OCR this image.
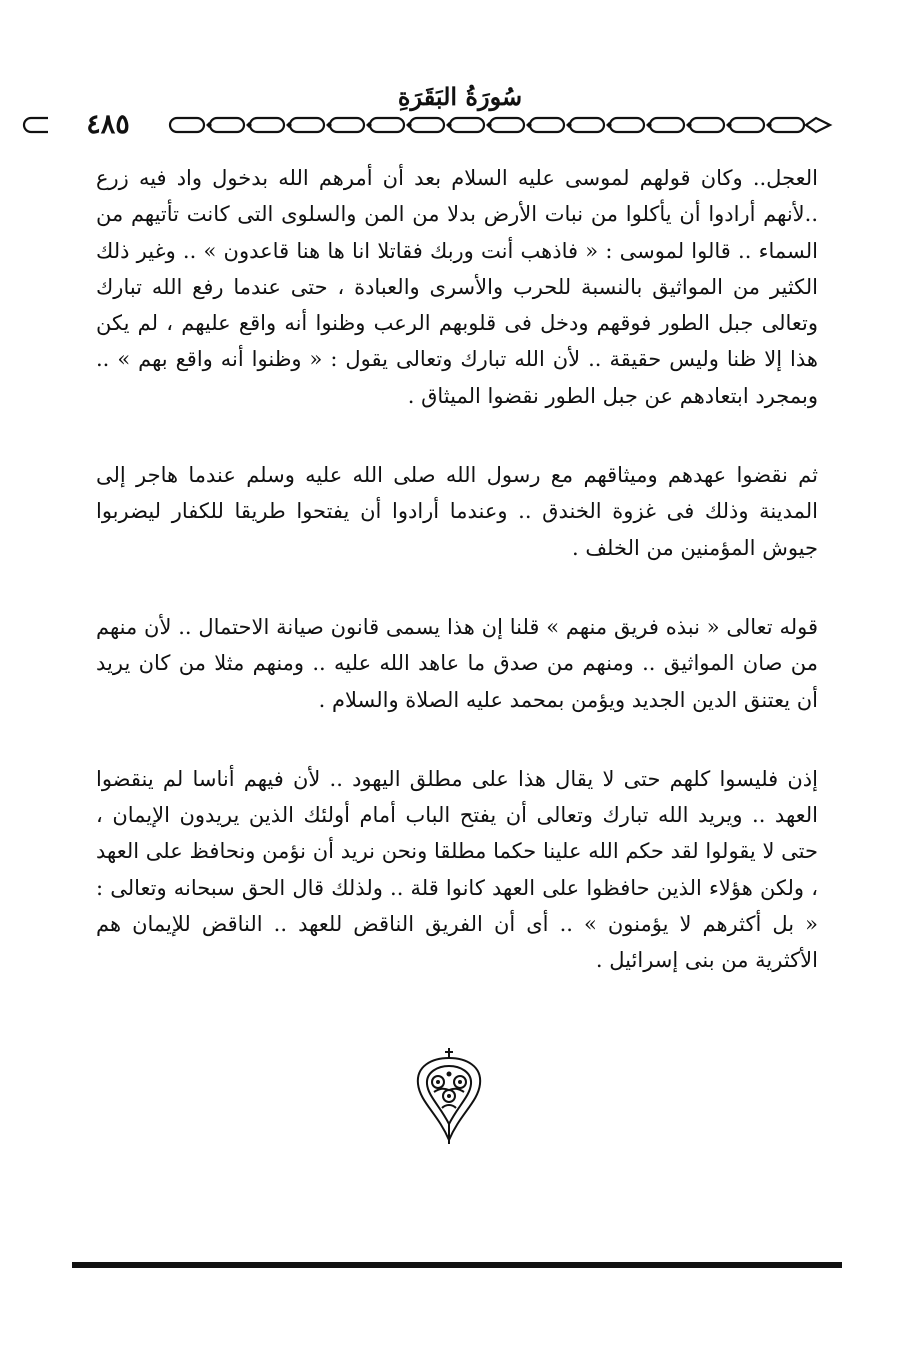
سُورَةُ البَقَرَةِ
٤٨٥

العجل.. وكان قولهم لموسى عليه السلام بعد أن أمرهم الله بدخول واد فيه زرع ..لأنهم أرادوا أن يأكلوا من نبات الأرض بدلا من المن والسلوى التى كانت تأتيهم من السماء .. قالوا لموسى : « فاذهب أنت وربك فقاتلا انا ها هنا قاعدون » .. وغير ذلك الكثير من المواثيق بالنسبة للحرب والأسرى والعبادة ، حتى عندما رفع الله تبارك وتعالى جبل الطور فوقهم ودخل فى قلوبهم الرعب وظنوا أنه واقع عليهم ، لم يكن هذا إلا ظنا وليس حقيقة .. لأن الله تبارك وتعالى يقول : « وظنوا أنه واقع بهم » .. وبمجرد ابتعادهم عن جبل الطور نقضوا الميثاق .

ثم نقضوا عهدهم وميثاقهم مع رسول الله صلى الله عليه وسلم عندما هاجر إلى المدينة وذلك فى غزوة الخندق .. وعندما أرادوا أن يفتحوا طريقا للكفار ليضربوا جيوش المؤمنين من الخلف .

قوله تعالى « نبذه فريق منهم » قلنا إن هذا يسمى قانون صيانة الاحتمال .. لأن منهم من صان المواثيق .. ومنهم من صدق ما عاهد الله عليه .. ومنهم مثلا من كان يريد أن يعتنق الدين الجديد ويؤمن بمحمد عليه الصلاة والسلام .

إذن فليسوا كلهم حتى لا يقال هذا على مطلق اليهود .. لأن فيهم أناسا لم ينقضوا العهد .. ويريد الله تبارك وتعالى أن يفتح الباب أمام أولئك الذين يريدون الإيمان ، حتى لا يقولوا لقد حكم الله علينا حكما مطلقا ونحن نريد أن نؤمن ونحافظ على العهد ، ولكن هؤلاء الذين حافظوا على العهد كانوا قلة .. ولذلك قال الحق سبحانه وتعالى : « بل أكثرهم لا يؤمنون » .. أى أن الفريق الناقض للعهد .. الناقض للإيمان هم الأكثرية من بنى إسرائيل .
